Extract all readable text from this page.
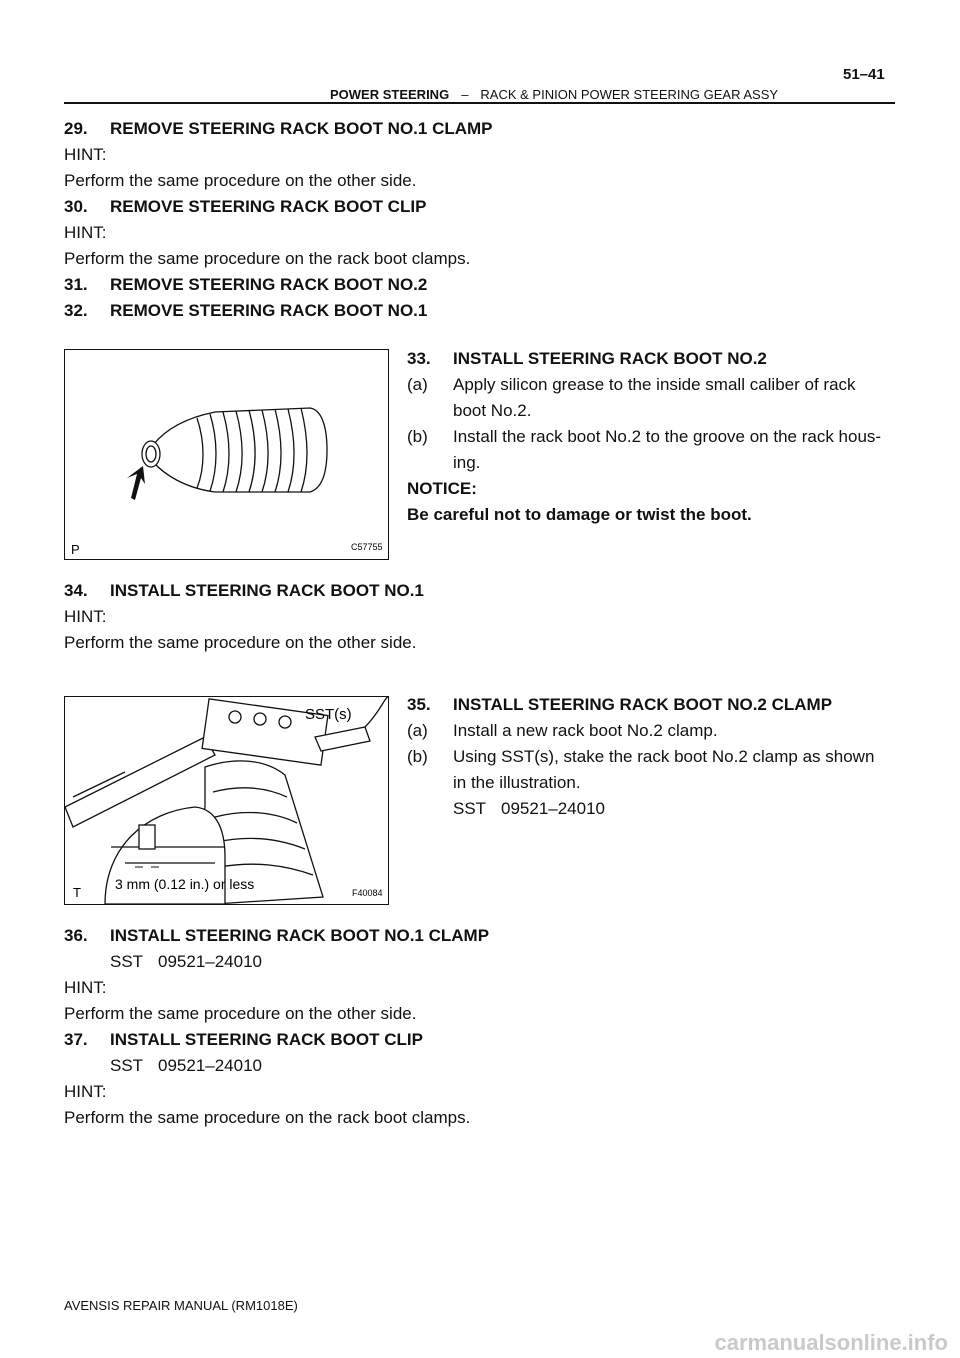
51–41
POWER STEERING – RACK & PINION POWER STEERING GEAR ASSY
29. REMOVE STEERING RACK BOOT NO.1 CLAMP
HINT:
Perform the same procedure on the other side.
30. REMOVE STEERING RACK BOOT CLIP
HINT:
Perform the same procedure on the rack boot clamps.
31. REMOVE STEERING RACK BOOT NO.2
32. REMOVE STEERING RACK BOOT NO.1
P	C57755
33. INSTALL STEERING RACK BOOT NO.2
(a) Apply silicon grease to the inside small caliber of rack
boot No.2.
(b) Install the rack boot No.2 to the groove on the rack hous-
ing.
NOTICE:
Be careful not to damage or twist the boot.
34. INSTALL STEERING RACK BOOT NO.1
HINT:
Perform the same procedure on the other side.
SST(s)
3 mm (0.12 in.) or less
T	F40084
35. INSTALL STEERING RACK BOOT NO.2 CLAMP
(a) Install a new rack boot No.2 clamp.
(b) Using SST(s), stake the rack boot No.2 clamp as shown
in the illustration.
SST 09521–24010
36. INSTALL STEERING RACK BOOT NO.1 CLAMP
SST 09521–24010
HINT:
Perform the same procedure on the other side.
37. INSTALL STEERING RACK BOOT CLIP
SST 09521–24010
HINT:
Perform the same procedure on the rack boot clamps.
AVENSIS REPAIR MANUAL (RM1018E)
carmanualsonline.info
